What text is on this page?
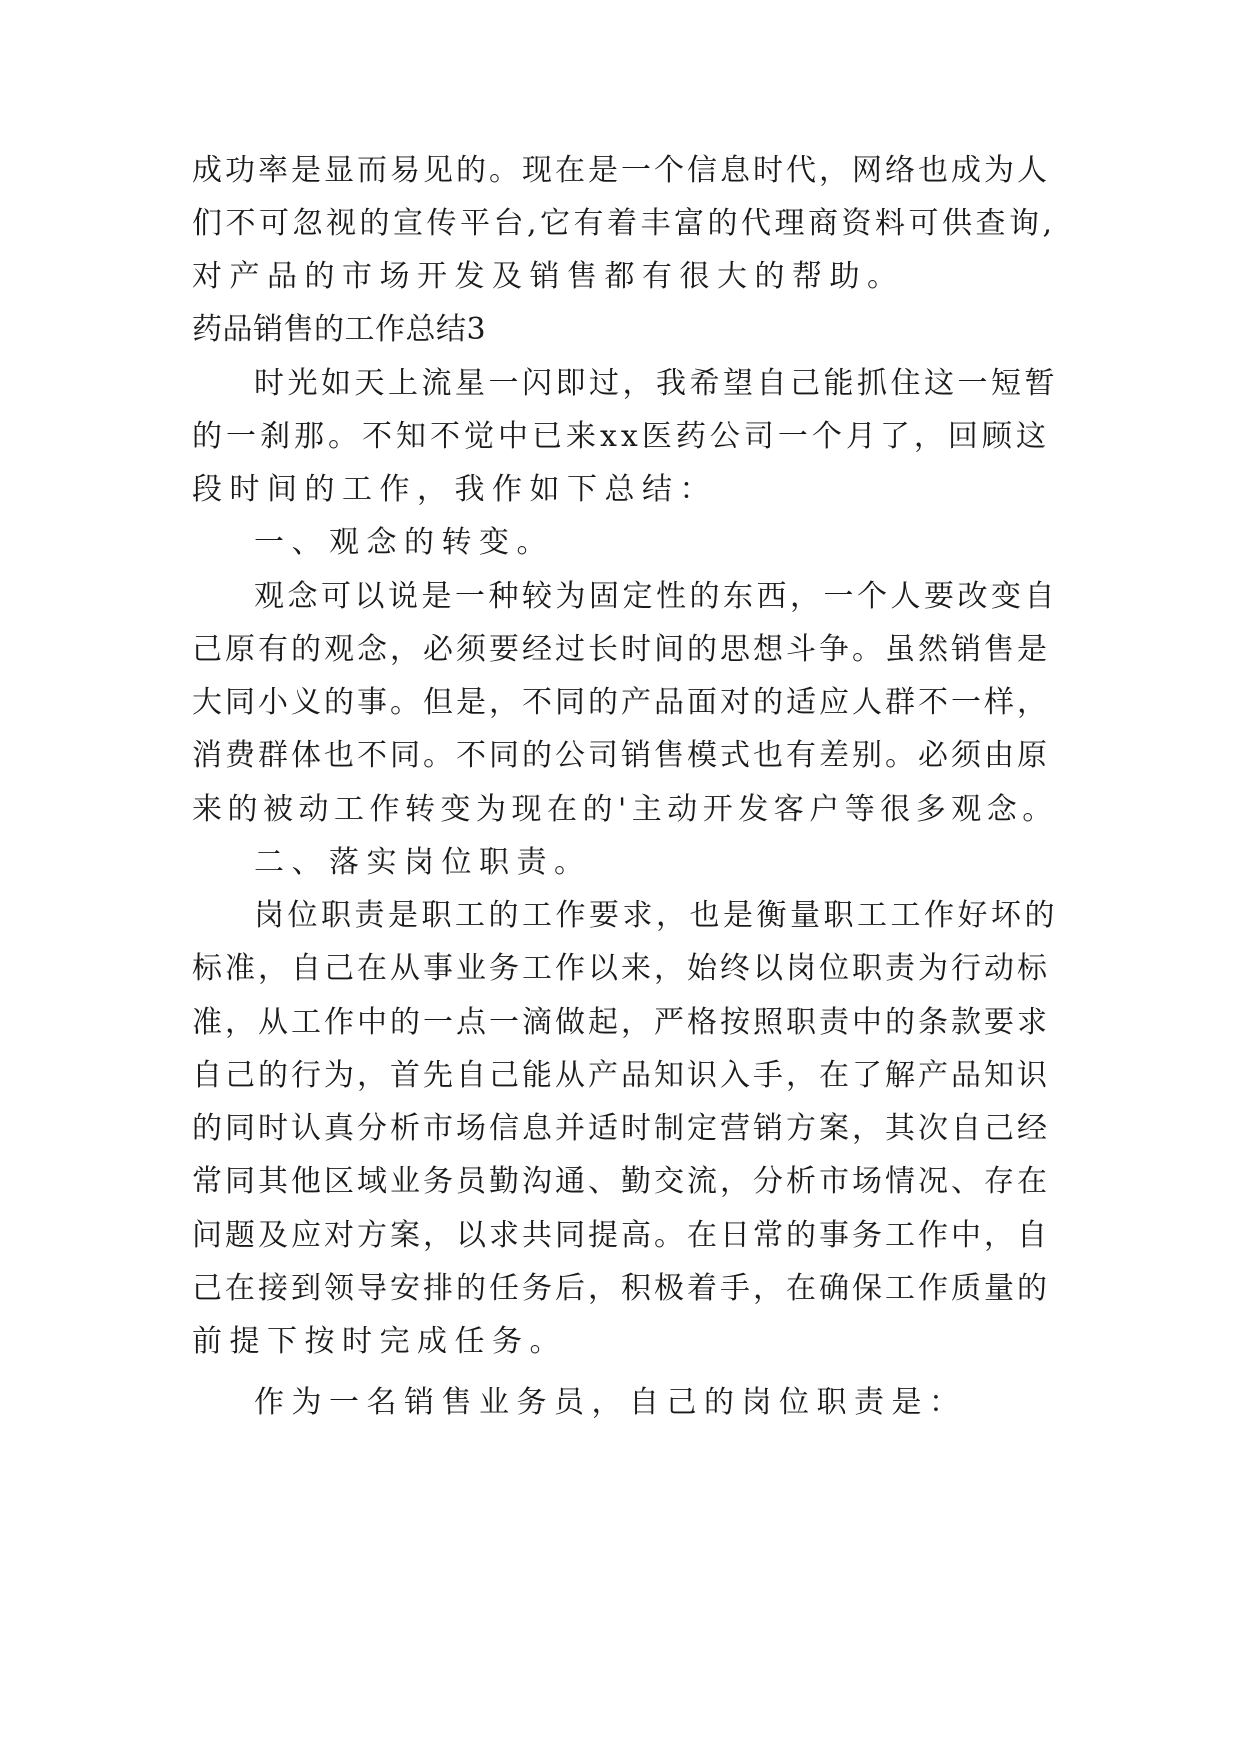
成功率是显而易见的。现在是一个信息时代，网络也成为人
们不可忽视的宣传平台,它有着丰富的代理商资料可供查询,
对产品的市场开发及销售都有很大的帮助。
药品销售的工作总结3
时光如天上流星一闪即过，我希望自己能抓住这一短暂
的一刹那。不知不觉中已来xx医药公司一个月了，回顾这
段时间的工作，我作如下总结：
一、观念的转变。
观念可以说是一种较为固定性的东西，一个人要改变自
己原有的观念，必须要经过长时间的思想斗争。虽然销售是
大同小义的事。但是，不同的产品面对的适应人群不一样，
消费群体也不同。不同的公司销售模式也有差别。必须由原
来的被动工作转变为现在的'主动开发客户等很多观念。
二、落实岗位职责。
岗位职责是职工的工作要求，也是衡量职工工作好坏的
标准，自己在从事业务工作以来，始终以岗位职责为行动标
准，从工作中的一点一滴做起，严格按照职责中的条款要求
自己的行为，首先自己能从产品知识入手，在了解产品知识
的同时认真分析市场信息并适时制定营销方案，其次自己经
常同其他区域业务员勤沟通、勤交流，分析市场情况、存在
问题及应对方案，以求共同提高。在日常的事务工作中，自
己在接到领导安排的任务后，积极着手，在确保工作质量的
前提下按时完成任务。
作为一名销售业务员，自己的岗位职责是：
